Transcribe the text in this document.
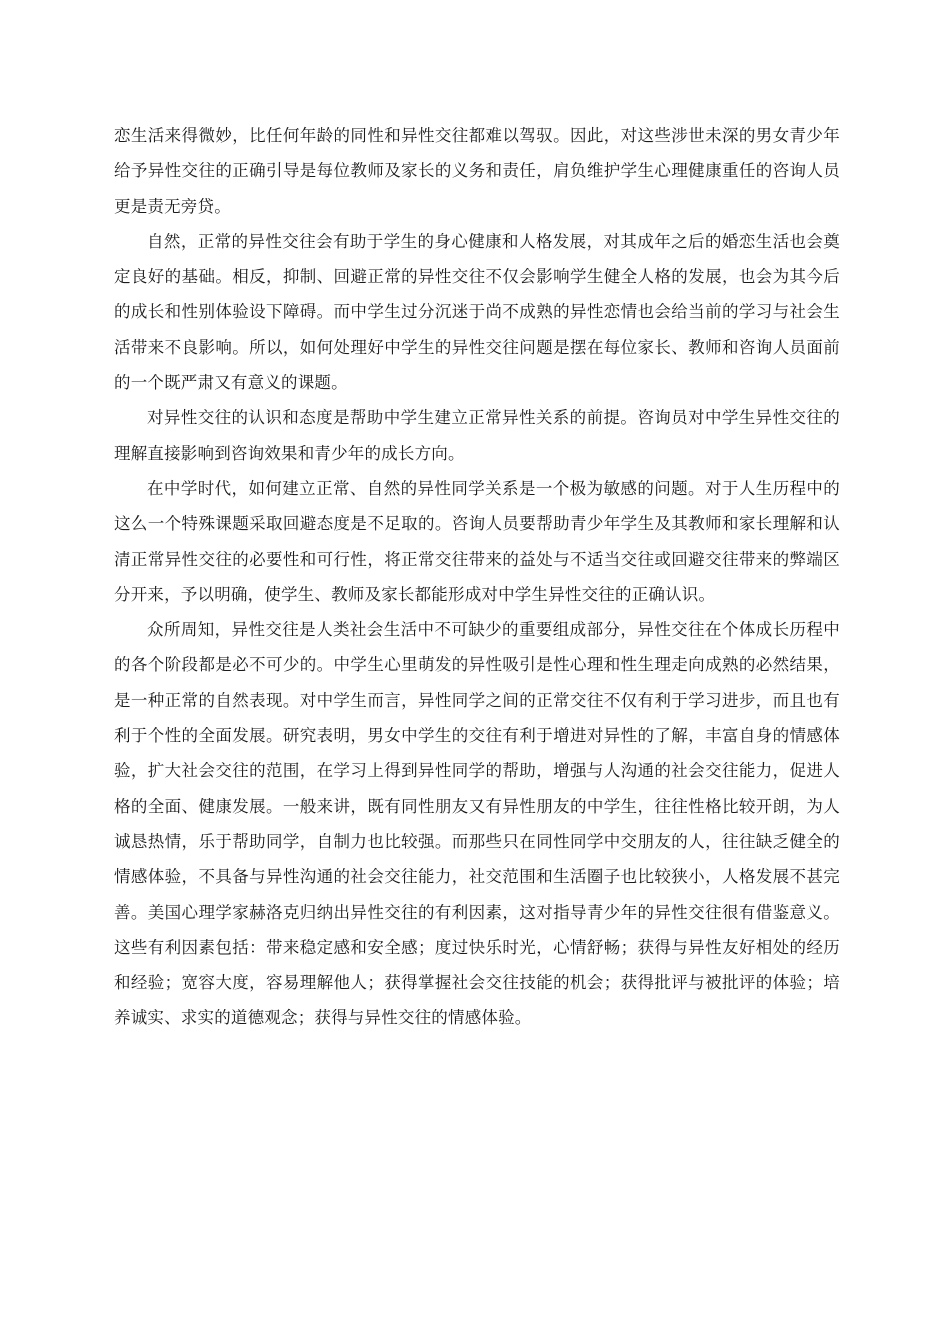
恋生活来得微妙，比任何年龄的同性和异性交往都难以驾驭。因此，对这些涉世未深的男女青少年给予异性交往的正确引导是每位教师及家长的义务和责任，肩负维护学生心理健康重任的咨询人员更是责无旁贷。

自然，正常的异性交往会有助于学生的身心健康和人格发展，对其成年之后的婚恋生活也会奠定良好的基础。相反，抑制、回避正常的异性交往不仅会影响学生健全人格的发展，也会为其今后的成长和性别体验设下障碍。而中学生过分沉迷于尚不成熟的异性恋情也会给当前的学习与社会生活带来不良影响。所以，如何处理好中学生的异性交往问题是摆在每位家长、教师和咨询人员面前的一个既严肃又有意义的课题。

对异性交往的认识和态度是帮助中学生建立正常异性关系的前提。咨询员对中学生异性交往的理解直接影响到咨询效果和青少年的成长方向。

在中学时代，如何建立正常、自然的异性同学关系是一个极为敏感的问题。对于人生历程中的这么一个特殊课题采取回避态度是不足取的。咨询人员要帮助青少年学生及其教师和家长理解和认清正常异性交往的必要性和可行性，将正常交往带来的益处与不适当交往或回避交往带来的弊端区分开来，予以明确，使学生、教师及家长都能形成对中学生异性交往的正确认识。

众所周知，异性交往是人类社会生活中不可缺少的重要组成部分，异性交往在个体成长历程中的各个阶段都是必不可少的。中学生心里萌发的异性吸引是性心理和性生理走向成熟的必然结果，是一种正常的自然表现。对中学生而言，异性同学之间的正常交往不仅有利于学习进步，而且也有利于个性的全面发展。研究表明，男女中学生的交往有利于增进对异性的了解，丰富自身的情感体验，扩大社会交往的范围，在学习上得到异性同学的帮助，增强与人沟通的社会交往能力，促进人格的全面、健康发展。一般来讲，既有同性朋友又有异性朋友的中学生，往往性格比较开朗，为人诚恳热情，乐于帮助同学，自制力也比较强。而那些只在同性同学中交朋友的人，往往缺乏健全的情感体验，不具备与异性沟通的社会交往能力，社交范围和生活圈子也比较狭小，人格发展不甚完善。美国心理学家赫洛克归纳出异性交往的有利因素，这对指导青少年的异性交往很有借鉴意义。这些有利因素包括：带来稳定感和安全感；度过快乐时光，心情舒畅；获得与异性友好相处的经历和经验；宽容大度，容易理解他人；获得掌握社会交往技能的机会；获得批评与被批评的体验；培养诚实、求实的道德观念；获得与异性交往的情感体验。
